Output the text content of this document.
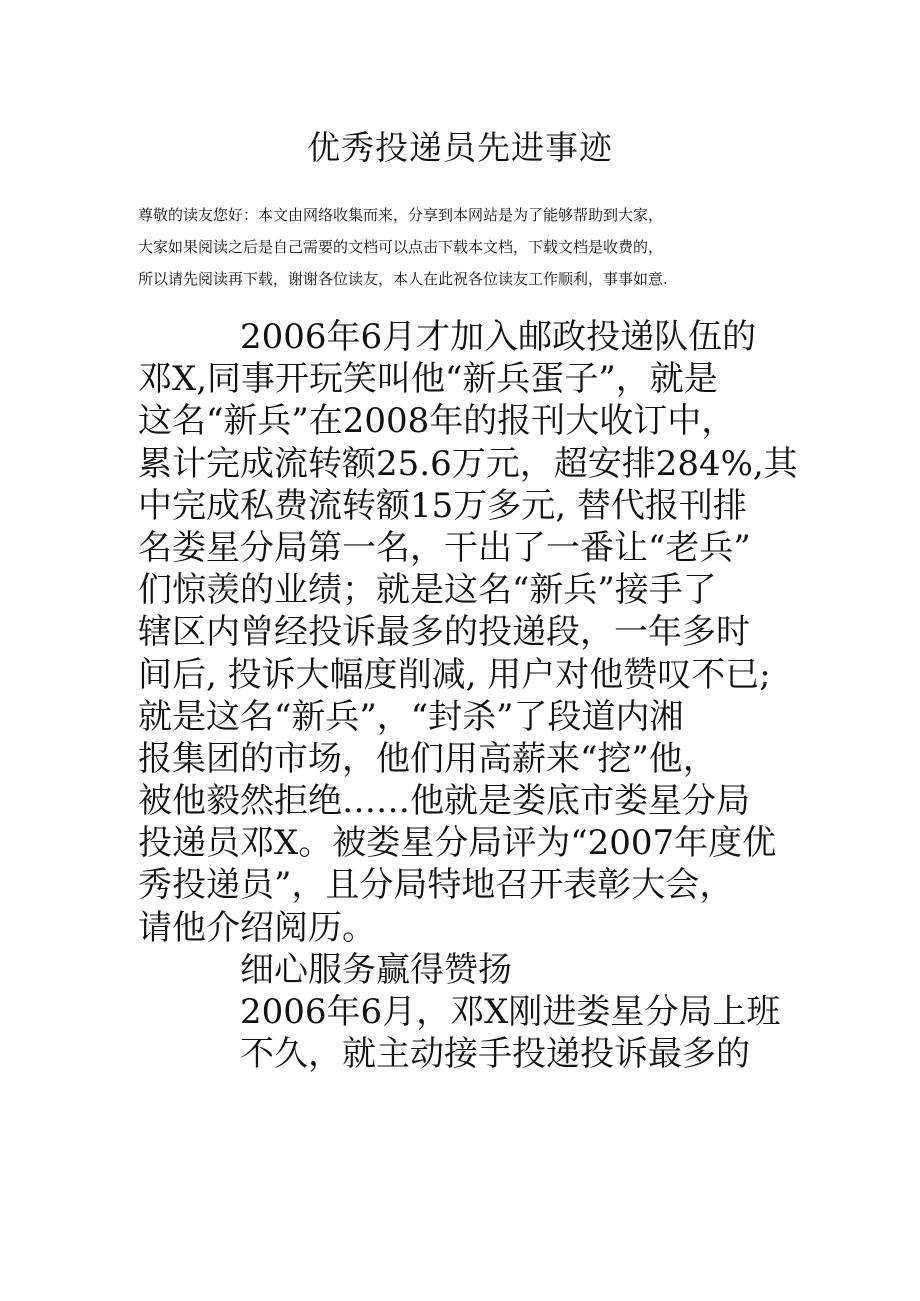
优秀投递员先进事迹
尊敬的读友您好：本文由网络收集而来，分享到本网站是为了能够帮助到大家，
大家如果阅读之后是自己需要的文档可以点击下载本文档，下载文档是收费的，
所以请先阅读再下载，谢谢各位读友，本人在此祝各位读友工作顺利，事事如意.
2006年6月才加入邮政投递队伍的
邓X,同事开玩笑叫他“新兵蛋子”，就是
这名“新兵”在2008年的报刊大收订中，
累计完成流转额25.6万元，超安排284%,其
中完成私费流转额15万多元, 替代报刊排
名娄星分局第一名，干出了一番让“老兵”
们惊羡的业绩；就是这名“新兵”接手了
辖区内曾经投诉最多的投递段，一年多时
间后, 投诉大幅度削减, 用户对他赞叹不已;
就是这名“新兵”，“封杀”了段道内湘
报集团的市场，他们用高薪来“挖”他，
被他毅然拒绝……他就是娄底市娄星分局
投递员邓X。被娄星分局评为“2007年度优
秀投递员”，且分局特地召开表彰大会，
请他介绍阅历。
细心服务赢得赞扬
2006年6月，邓X刚进娄星分局上班
不久，就主动接手投递投诉最多的
